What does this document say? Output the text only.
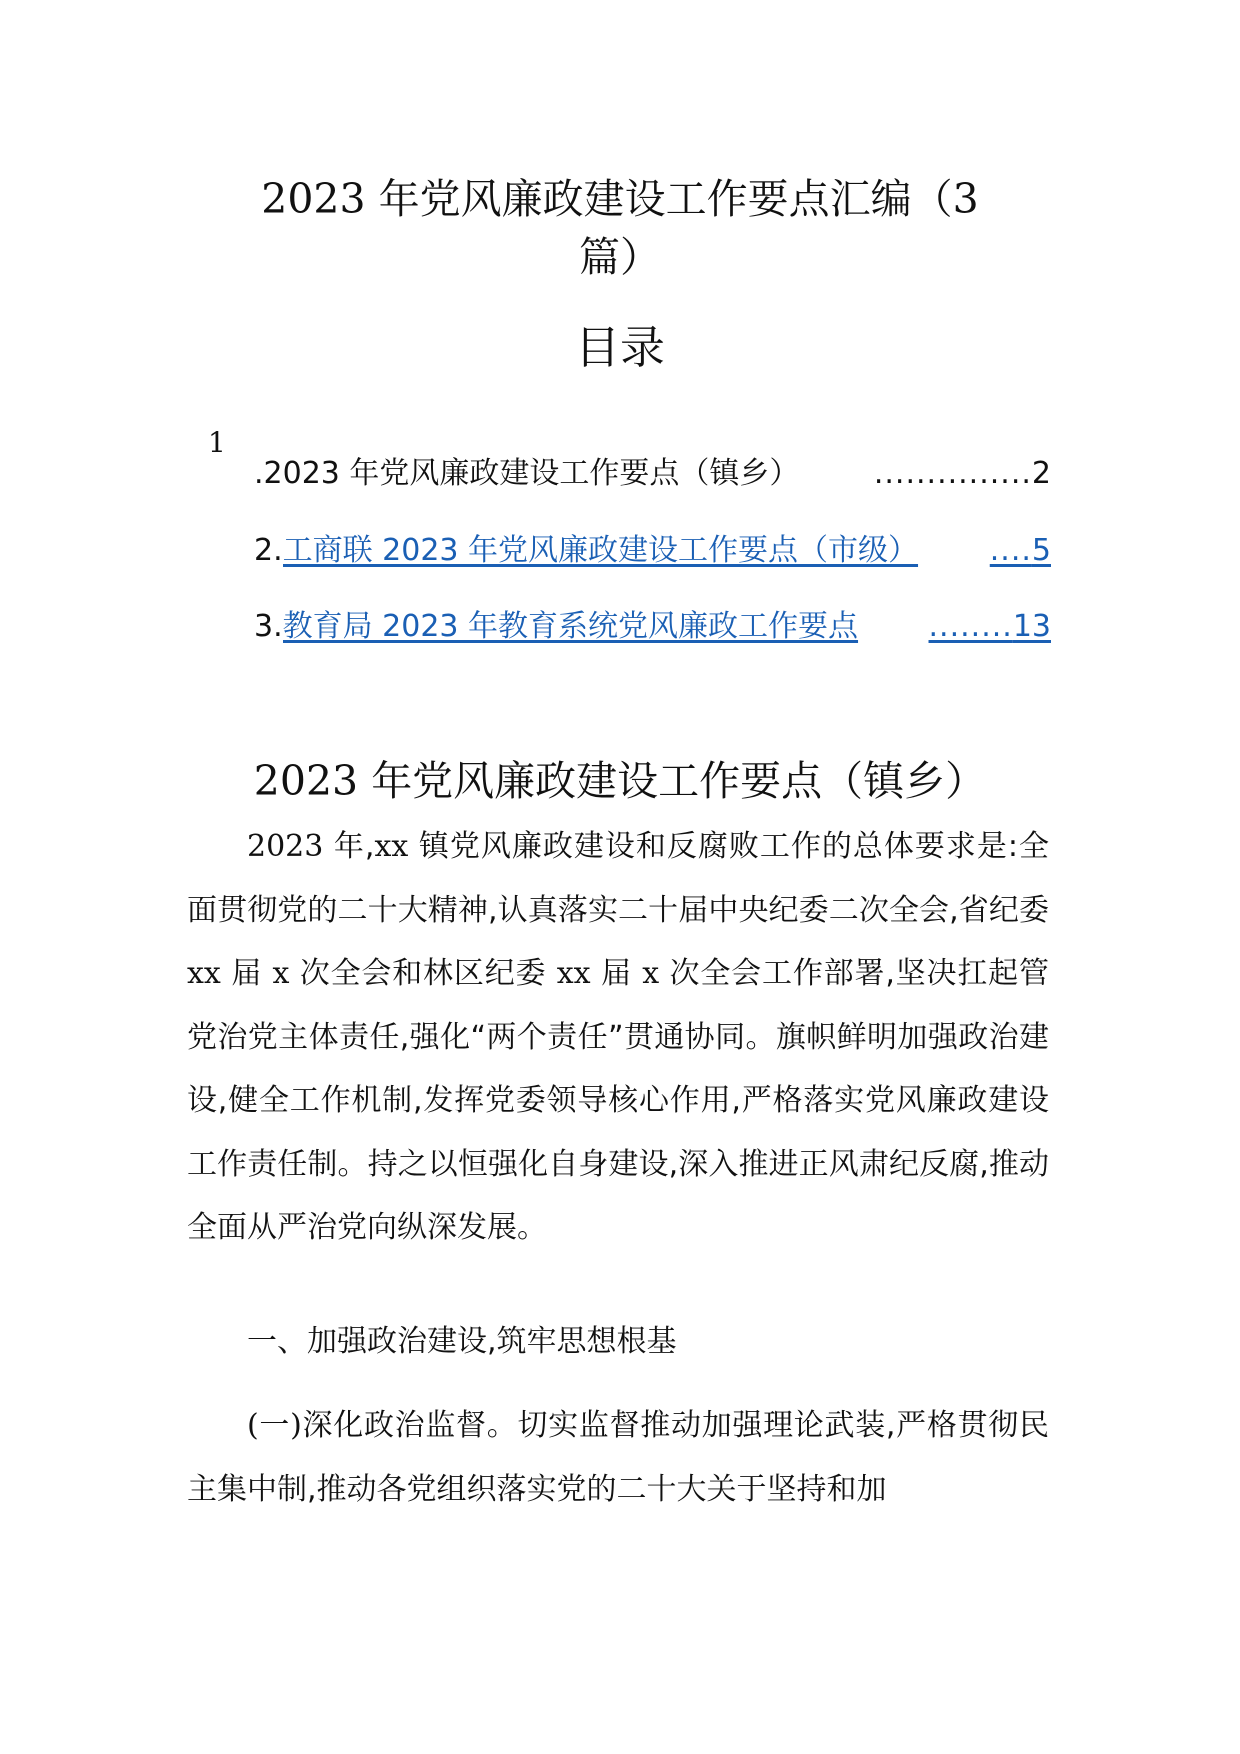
2023 年党风廉政建设工作要点汇编（3
篇）
目录
1
. 2023 年党风廉政建设工作要点（镇乡）	............... 2
2. 工商联 2023 年党风廉政建设工作要点（市级）	.... 5
3. 教育局 2023 年教育系统党风廉政工作要点	........ 13
2023 年党风廉政建设工作要点（镇乡）

2023 年,xx 镇党风廉政建设和反腐败工作的总体要求是:全面贯彻党的二十大精神,认真落实二十届中央纪委二次全会,省纪委 xx 届 x 次全会和林区纪委 xx 届 x 次全会工作部署,坚决扛起管党治党主体责任,强化“两个责任”贯通协同。旗帜鲜明加强政治建设,健全工作机制,发挥党委领导核心作用,严格落实党风廉政建设工作责任制。持之以恒强化自身建设,深入推进正风肃纪反腐,推动全面从严治党向纵深发展。

一、加强政治建设,筑牢思想根基

(一)深化政治监督。切实监督推动加强理论武装,严格贯彻民主集中制,推动各党组织落实党的二十大关于坚持和加
